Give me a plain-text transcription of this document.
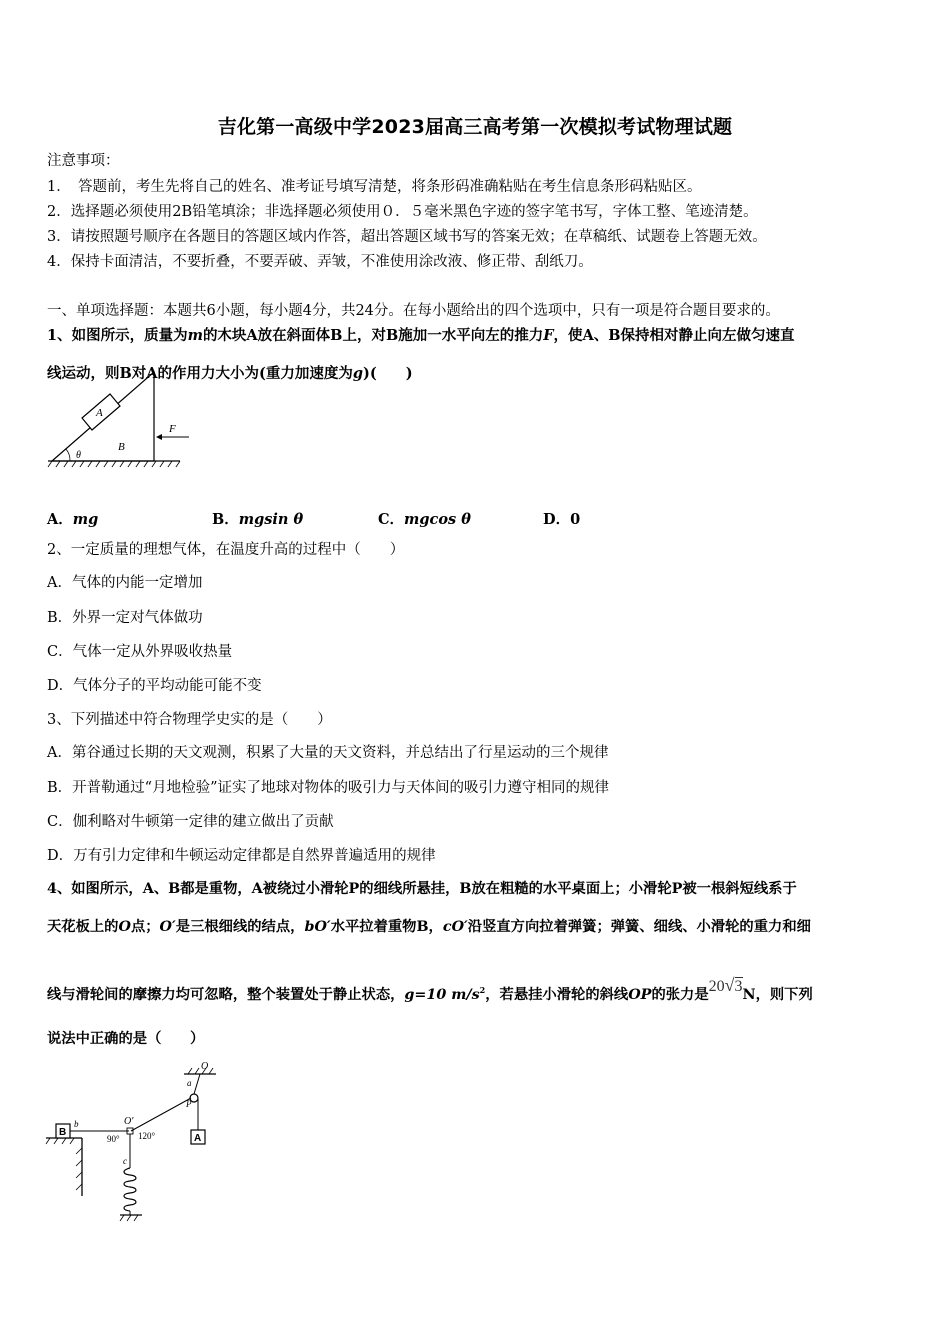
吉化第一高级中学2023届高三高考第一次模拟考试物理试题
注意事项：
1．　答题前，考生先将自己的姓名、准考证号填写清楚，将条形码准确粘贴在考生信息条形码粘贴区。
2．选择题必须使用2B铅笔填涂；非选择题必须使用０．５毫米黑色字迹的签字笔书写，字体工整、笔迹清楚。
3．请按照题号顺序在各题目的答题区域内作答，超出答题区域书写的答案无效；在草稿纸、试题卷上答题无效。
4．保持卡面清洁，不要折叠，不要弄破、弄皱，不准使用涂改液、修正带、刮纸刀。
一、单项选择题：本题共6小题，每小题4分，共24分。在每小题给出的四个选项中，只有一项是符合题目要求的。
1、如图所示，质量为m的木块A放在斜面体B上，对B施加一水平向左的推力F，使A、B保持相对静止向左做匀速直
线运动，则B对A的作用力大小为(重力加速度为g)(　　)
A
B
θ
F
A．mg	B．mgsin θ	C．mgcos θ	D．0
2、一定质量的理想气体，在温度升高的过程中（　　）
A．气体的内能一定增加
B．外界一定对气体做功
C．气体一定从外界吸收热量
D．气体分子的平均动能可能不变
3、下列描述中符合物理学史实的是（　　）
A．第谷通过长期的天文观测，积累了大量的天文资料，并总结出了行星运动的三个规律
B．开普勒通过“月地检验”证实了地球对物体的吸引力与天体间的吸引力遵守相同的规律
C．伽利略对牛顿第一定律的建立做出了贡献
D．万有引力定律和牛顿运动定律都是自然界普遍适用的规律
4、如图所示，A、B都是重物，A被绕过小滑轮P的细线所悬挂，B放在粗糙的水平桌面上；小滑轮P被一根斜短线系于
天花板上的O点；O′是三根细线的结点，bO′水平拉着重物B，cO′沿竖直方向拉着弹簧；弹簧、细线、小滑轮的重力和细
线与滑轮间的摩擦力均可忽略，整个装置处于静止状态，g=10 $m/s^2$，若悬挂小滑轮的斜线OP的张力是20√3N，则下列
说法中正确的是（　　）
O
a
P
A
B
b	O′
90° 120°
c
